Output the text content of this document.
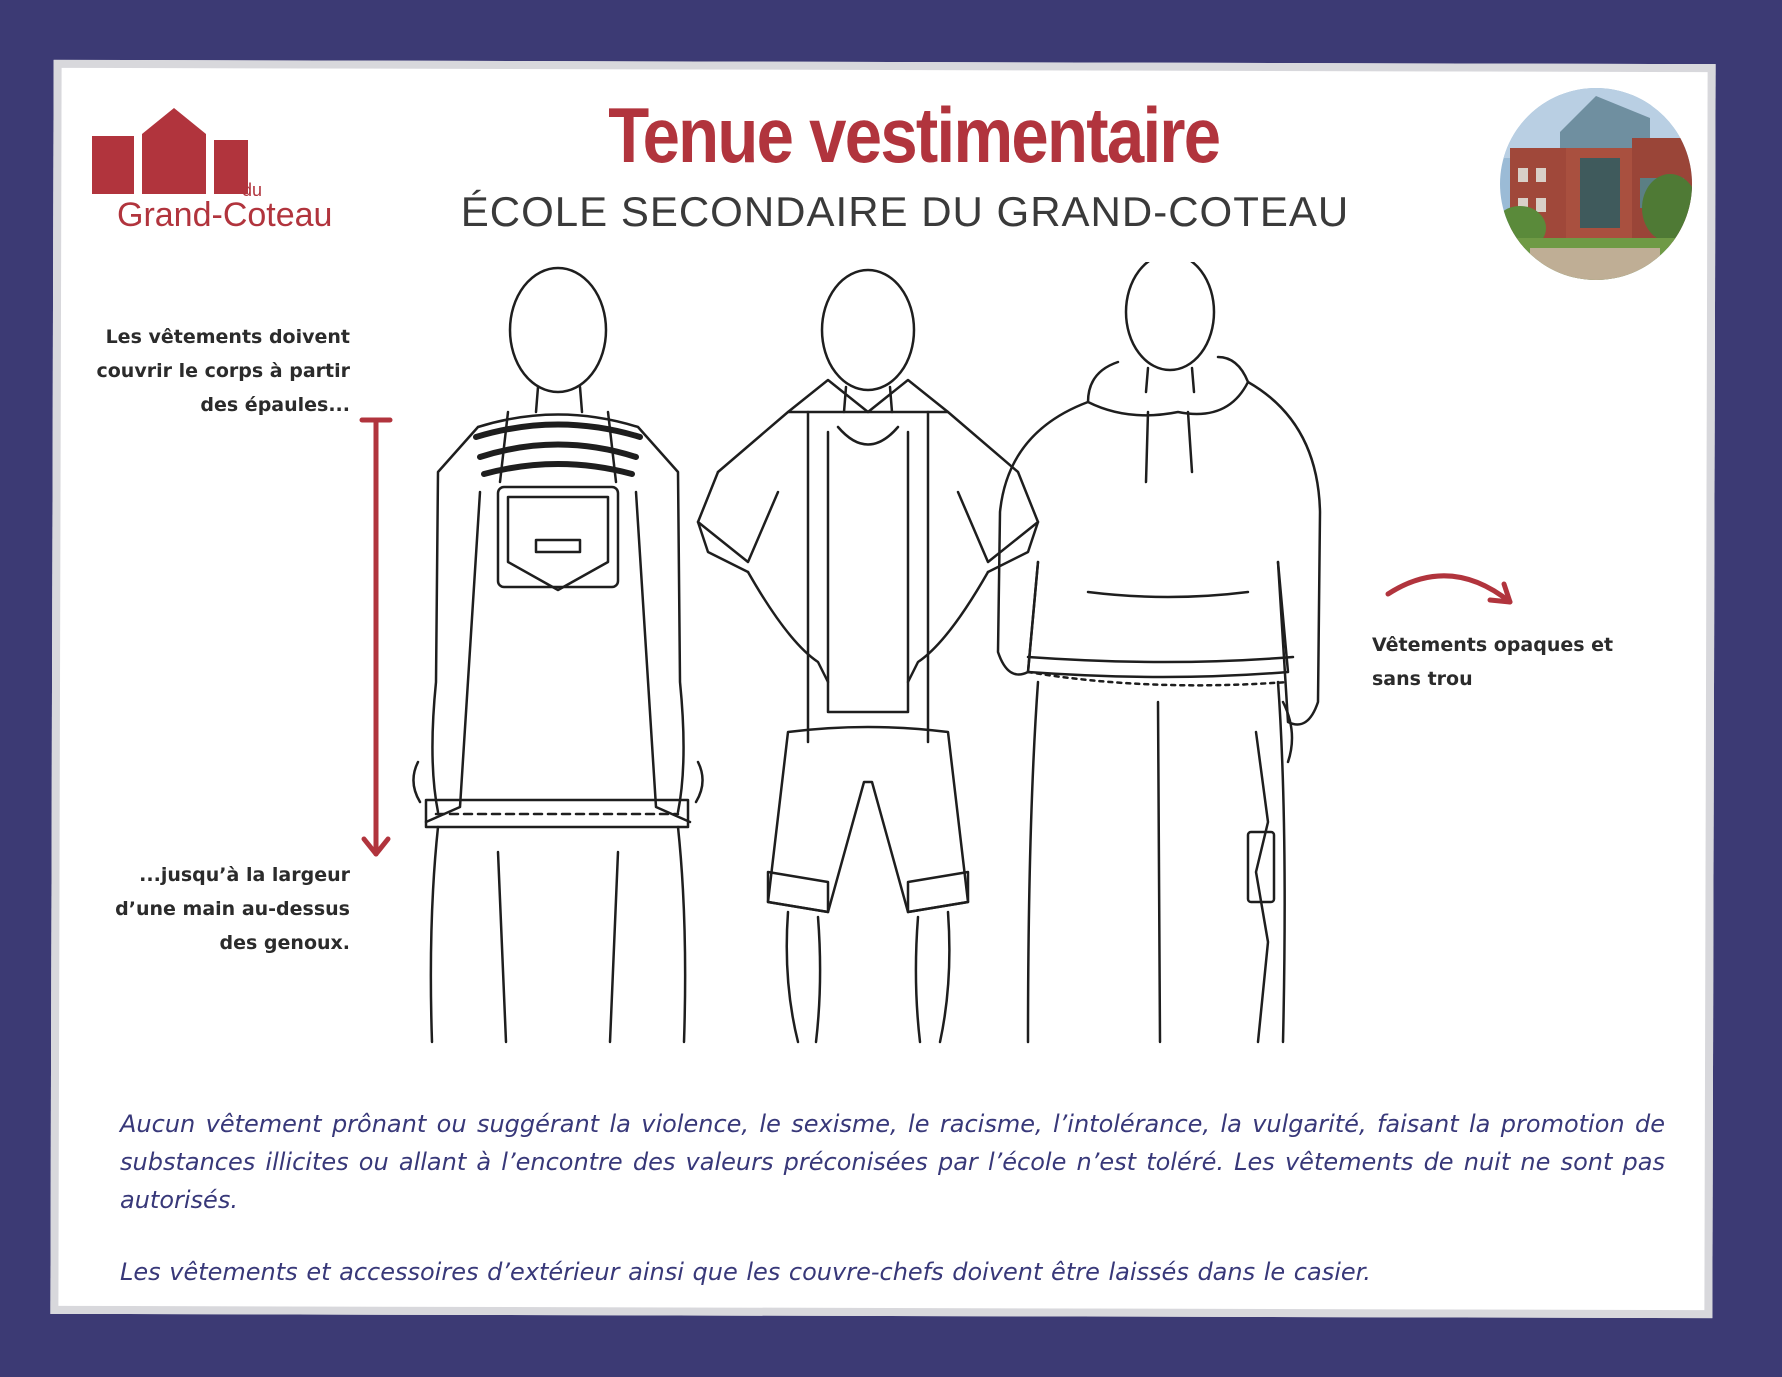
du
Grand-Coteau
Tenue vestimentaire
ÉCOLE SECONDAIRE DU GRAND-COTEAU
Les vêtements doivent
couvrir le corps à partir
des épaules...
...jusqu’à la largeur
d’une main au-dessus
des genoux.
Vêtements opaques et
sans trou

Aucun vêtement prônant ou suggérant la violence, le sexisme, le racisme, l’intolérance, la vulgarité, faisant la promotion de substances illicites ou allant à l’encontre des valeurs préconisées par l’école n’est toléré. Les vêtements de nuit ne sont pas autorisés.

Les vêtements et accessoires d’extérieur ainsi que les couvre-chefs doivent être laissés dans le casier.
